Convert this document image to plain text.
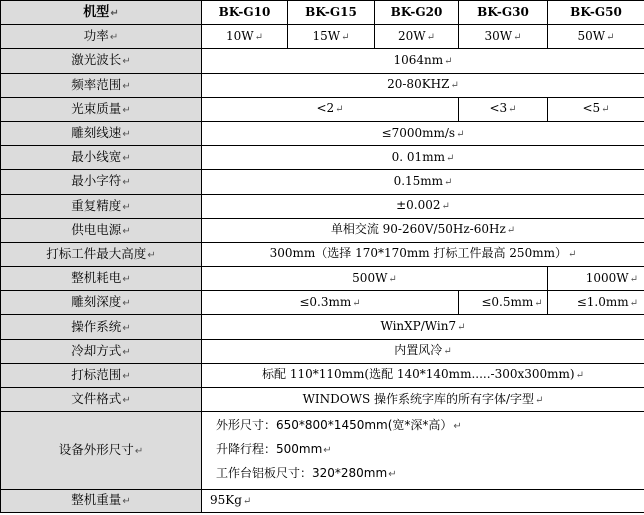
机型↵	BK-G10	BK-G15	BK-G20	BK-G30	BK-G50
功率↵	10W↵	15W↵	20W↵	30W↵	50W↵
激光波长↵	1064nm↵				
频率范围↵	20-80KHZ↵				
光束质量↵	<2↵			<3↵	<5↵
雕刻线速↵	≤7000mm/s↵				
最小线宽↵	0. 01mm↵				
最小字符↵	0.15mm↵				
重复精度↵	±0.002↵				
供电电源↵	单相交流 90-260V/50Hz-60Hz↵				
打标工件最大高度↵	300mm（选择 170*170mm 打标工件最高 250mm）↵				
整机耗电↵	500W↵				1000W↵
雕刻深度↵	≤0.3mm↵			≤0.5mm↵	≤1.0mm↵
操作系统↵	WinXP/Win7↵				
冷却方式↵	内置风冷↵				
打标范围↵	标配 110*110mm(选配 140*140mm.....-300x300mm)↵				
文件格式↵	WINDOWS 操作系统字库的所有字体/字型↵				
设备外形尺寸↵	外形尺寸：650*800*1450mm(宽*深*高）↵
升降行程：500mm↵
工作台铝板尺寸：320*280mm↵				

整机重量↵	95Kg↵				
